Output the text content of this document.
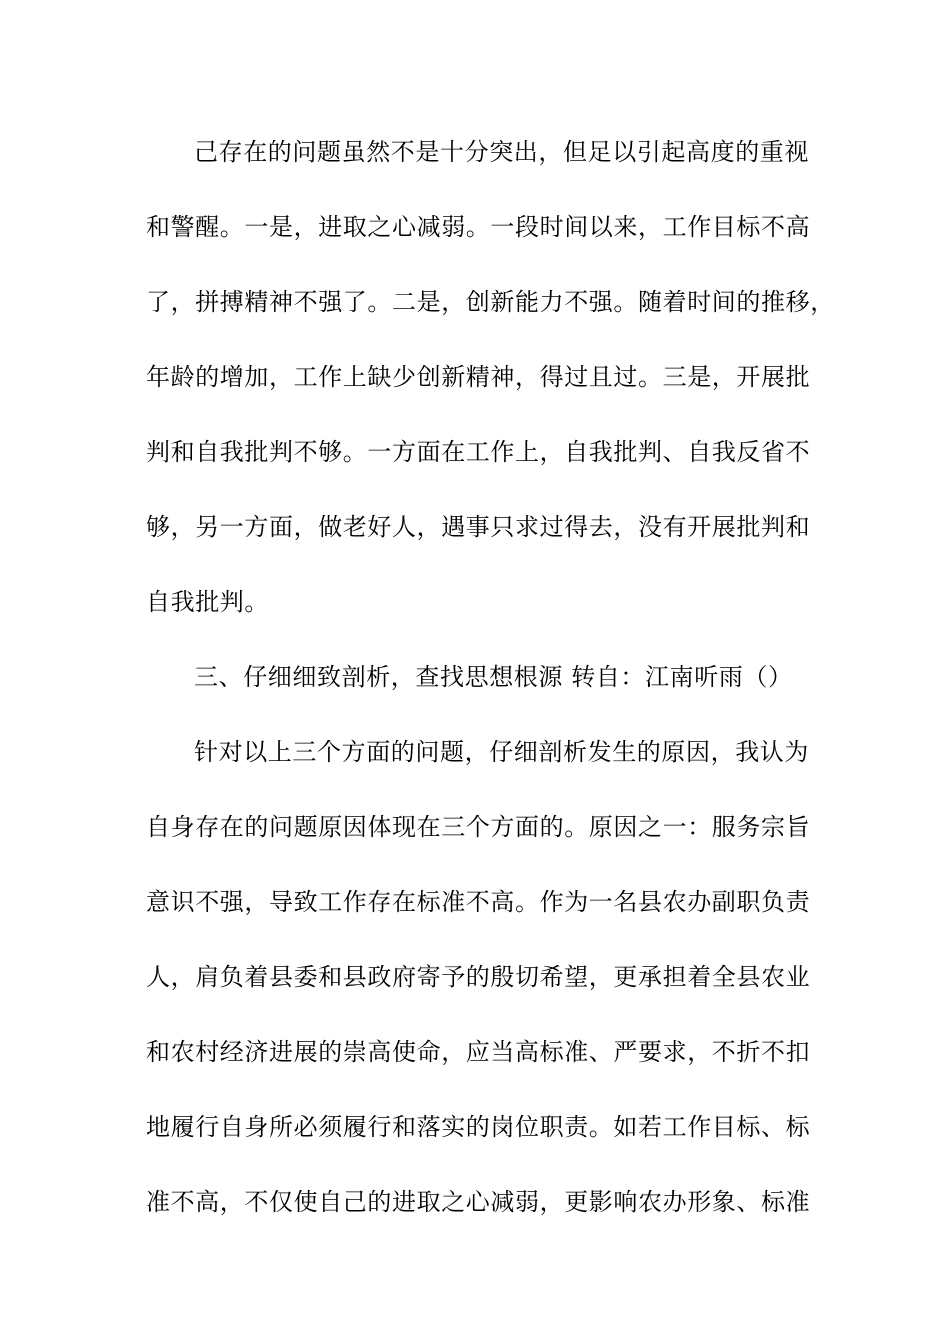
己存在的问题虽然不是十分突出，但足以引起高度的重视
和警醒。一是，进取之心减弱。一段时间以来，工作目标不高
了，拼搏精神不强了。二是，创新能力不强。随着时间的推移，
年龄的增加，工作上缺少创新精神，得过且过。三是，开展批
判和自我批判不够。一方面在工作上，自我批判、自我反省不
够，另一方面，做老好人，遇事只求过得去，没有开展批判和
自我批判。
三、仔细细致剖析，查找思想根源 转自：江南听雨（）
针对以上三个方面的问题，仔细剖析发生的原因，我认为
自身存在的问题原因体现在三个方面的。原因之一：服务宗旨
意识不强，导致工作存在标准不高。作为一名县农办副职负责
人，肩负着县委和县政府寄予的殷切希望，更承担着全县农业
和农村经济进展的崇高使命，应当高标准、严要求，不折不扣
地履行自身所必须履行和落实的岗位职责。如若工作目标、标
准不高，不仅使自己的进取之心减弱，更影响农办形象、标准
